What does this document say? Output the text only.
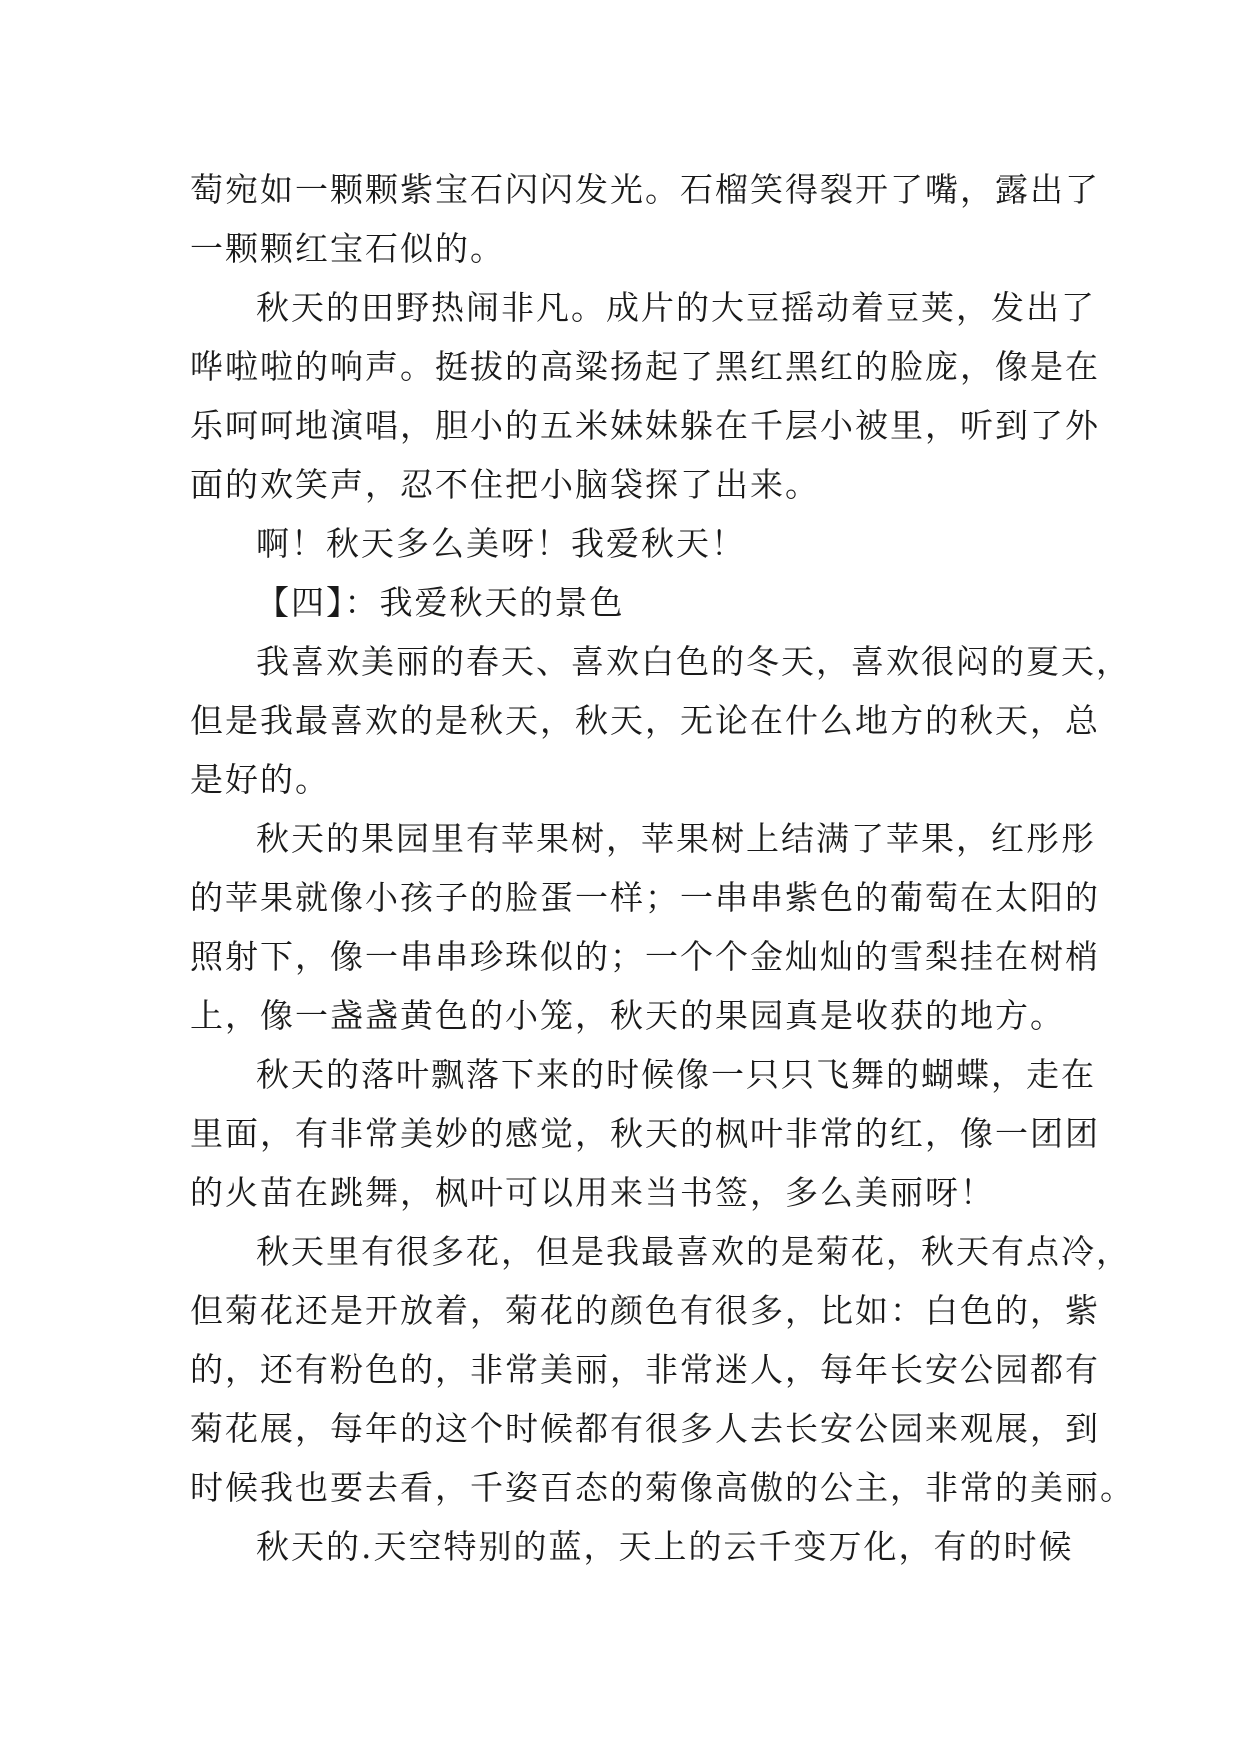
萄宛如一颗颗紫宝石闪闪发光。石榴笑得裂开了嘴，露出了
一颗颗红宝石似的。
秋天的田野热闹非凡。成片的大豆摇动着豆荚，发出了
哗啦啦的响声。挺拔的高粱扬起了黑红黑红的脸庞，像是在
乐呵呵地演唱，胆小的五米妹妹躲在千层小被里，听到了外
面的欢笑声，忍不住把小脑袋探了出来。
啊！秋天多么美呀！我爱秋天！
【四】：我爱秋天的景色
我喜欢美丽的春天、喜欢白色的冬天，喜欢很闷的夏天，
但是我最喜欢的是秋天，秋天，无论在什么地方的秋天，总
是好的。
秋天的果园里有苹果树，苹果树上结满了苹果，红彤彤
的苹果就像小孩子的脸蛋一样；一串串紫色的葡萄在太阳的
照射下，像一串串珍珠似的；一个个金灿灿的雪梨挂在树梢
上，像一盏盏黄色的小笼，秋天的果园真是收获的地方。
秋天的落叶飘落下来的时候像一只只飞舞的蝴蝶，走在
里面，有非常美妙的感觉，秋天的枫叶非常的红，像一团团
的火苗在跳舞，枫叶可以用来当书签，多么美丽呀！
秋天里有很多花，但是我最喜欢的是菊花，秋天有点冷，
但菊花还是开放着，菊花的颜色有很多，比如：白色的，紫
的，还有粉色的，非常美丽，非常迷人，每年长安公园都有
菊花展，每年的这个时候都有很多人去长安公园来观展，到
时候我也要去看，千姿百态的菊像高傲的公主，非常的美丽。
秋天的.天空特别的蓝，天上的云千变万化，有的时候
